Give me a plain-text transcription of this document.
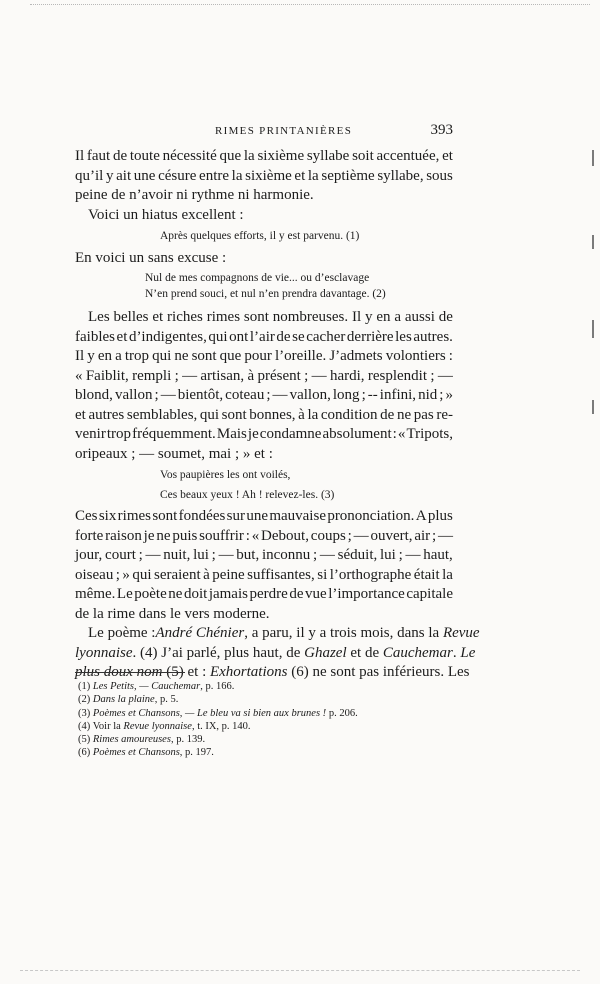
RIMES PRINTANIÈRES	393
Il faut de toute nécessité que la sixième syllabe soit accentuée, et
qu’il y ait une césure entre la sixième et la septième syllabe, sous
peine de n’avoir ni rythme ni harmonie.
Voici un hiatus excellent :
Après quelques efforts, il y est parvenu. (1)
En voici un sans excuse :
Nul de mes compagnons de vie... ou d’esclavage
N’en prend souci, et nul n’en prendra davantage. (2)
Les belles et riches rimes sont nombreuses. Il y en a aussi de
faibles et d’indigentes, qui ont l’air de se cacher derrière les autres.
Il y en a trop qui ne sont que pour l’oreille. J’admets volontiers :
« Faiblit, rempli ; — artisan, à présent ; — hardi, resplendit ; —
blond, vallon ; — bientôt, coteau ; — vallon, long ; -- infini, nid ; »
et autres semblables, qui sont bonnes, à la condition de ne pas re-
venir trop fréquemment. Mais je condamne absolument : « Tripots,
oripeaux ; — soumet, mai ; » et :
Vos paupières les ont voilés,
Ces beaux yeux ! Ah ! relevez-les. (3)
Ces six rimes sont fondées sur une mauvaise prononciation. A plus
forte raison je ne puis souffrir : « Debout, coups ; — ouvert, air ; —
jour, court ; — nuit, lui ; — but, inconnu ; — séduit, lui ; — haut,
oiseau ; » qui seraient à peine suffisantes, si l’orthographe était la
même. Le poète ne doit jamais perdre de vue l’importance capitale
de la rime dans le vers moderne.
Le poème : André Chénier , a paru, il y a trois mois, dans la Revue
lyonnaise . (4) J’ai parlé, plus haut, de Ghazel et de Cauchemar . Le
plus doux nom (5) et : Exhortations (6) ne sont pas inférieurs. Les
(1) Les Petits, — Cauchemar, p. 166.
(2) Dans la plaine, p. 5.
(3) Poèmes et Chansons, — Le bleu va si bien aux brunes ! p. 206.
(4) Voir la Revue lyonnaise, t. IX, p. 140.
(5) Rimes amoureuses, p. 139.
(6) Poèmes et Chansons, p. 197.
